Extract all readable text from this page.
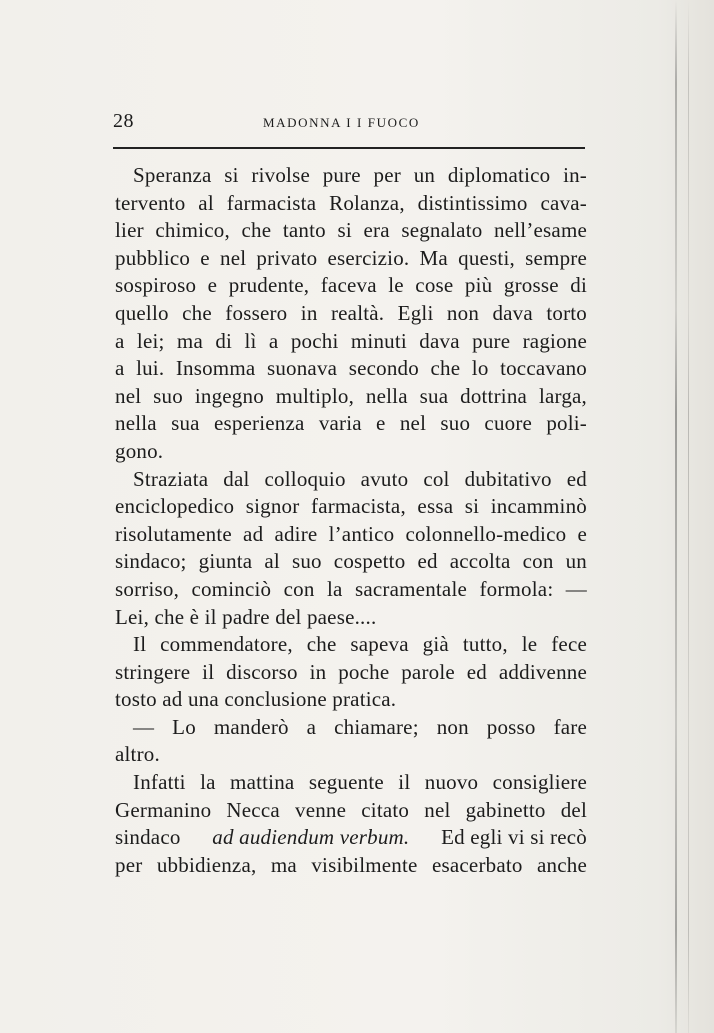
28	MADONNA I I FUOCO
Speranza si rivolse pure per un diplomatico in-
tervento al farmacista Rolanza, distintissimo cava-
lier chimico, che tanto si era segnalato nell’esame
pubblico e nel privato esercizio. Ma questi, sempre
sospiroso e prudente, faceva le cose più grosse di
quello che fossero in realtà. Egli non dava torto
a lei; ma di lì a pochi minuti dava pure ragione
a lui. Insomma suonava secondo che lo toccavano
nel suo ingegno multiplo, nella sua dottrina larga,
nella sua esperienza varia e nel suo cuore poli-
gono.
Straziata dal colloquio avuto col dubitativo ed
enciclopedico signor farmacista, essa si incamminò
risolutamente ad adire l’antico colonnello-medico e
sindaco; giunta al suo cospetto ed accolta con un
sorriso, cominciò con la sacramentale formola: —
Lei, che è il padre del paese....
Il commendatore, che sapeva già tutto, le fece
stringere il discorso in poche parole ed addivenne
tosto ad una conclusione pratica.
— Lo manderò a chiamare; non posso fare
altro.
Infatti la mattina seguente il nuovo consigliere
Germanino Necca venne citato nel gabinetto del
sindaco ad audiendum verbum. Ed egli vi si recò
per ubbidienza, ma visibilmente esacerbato anche
